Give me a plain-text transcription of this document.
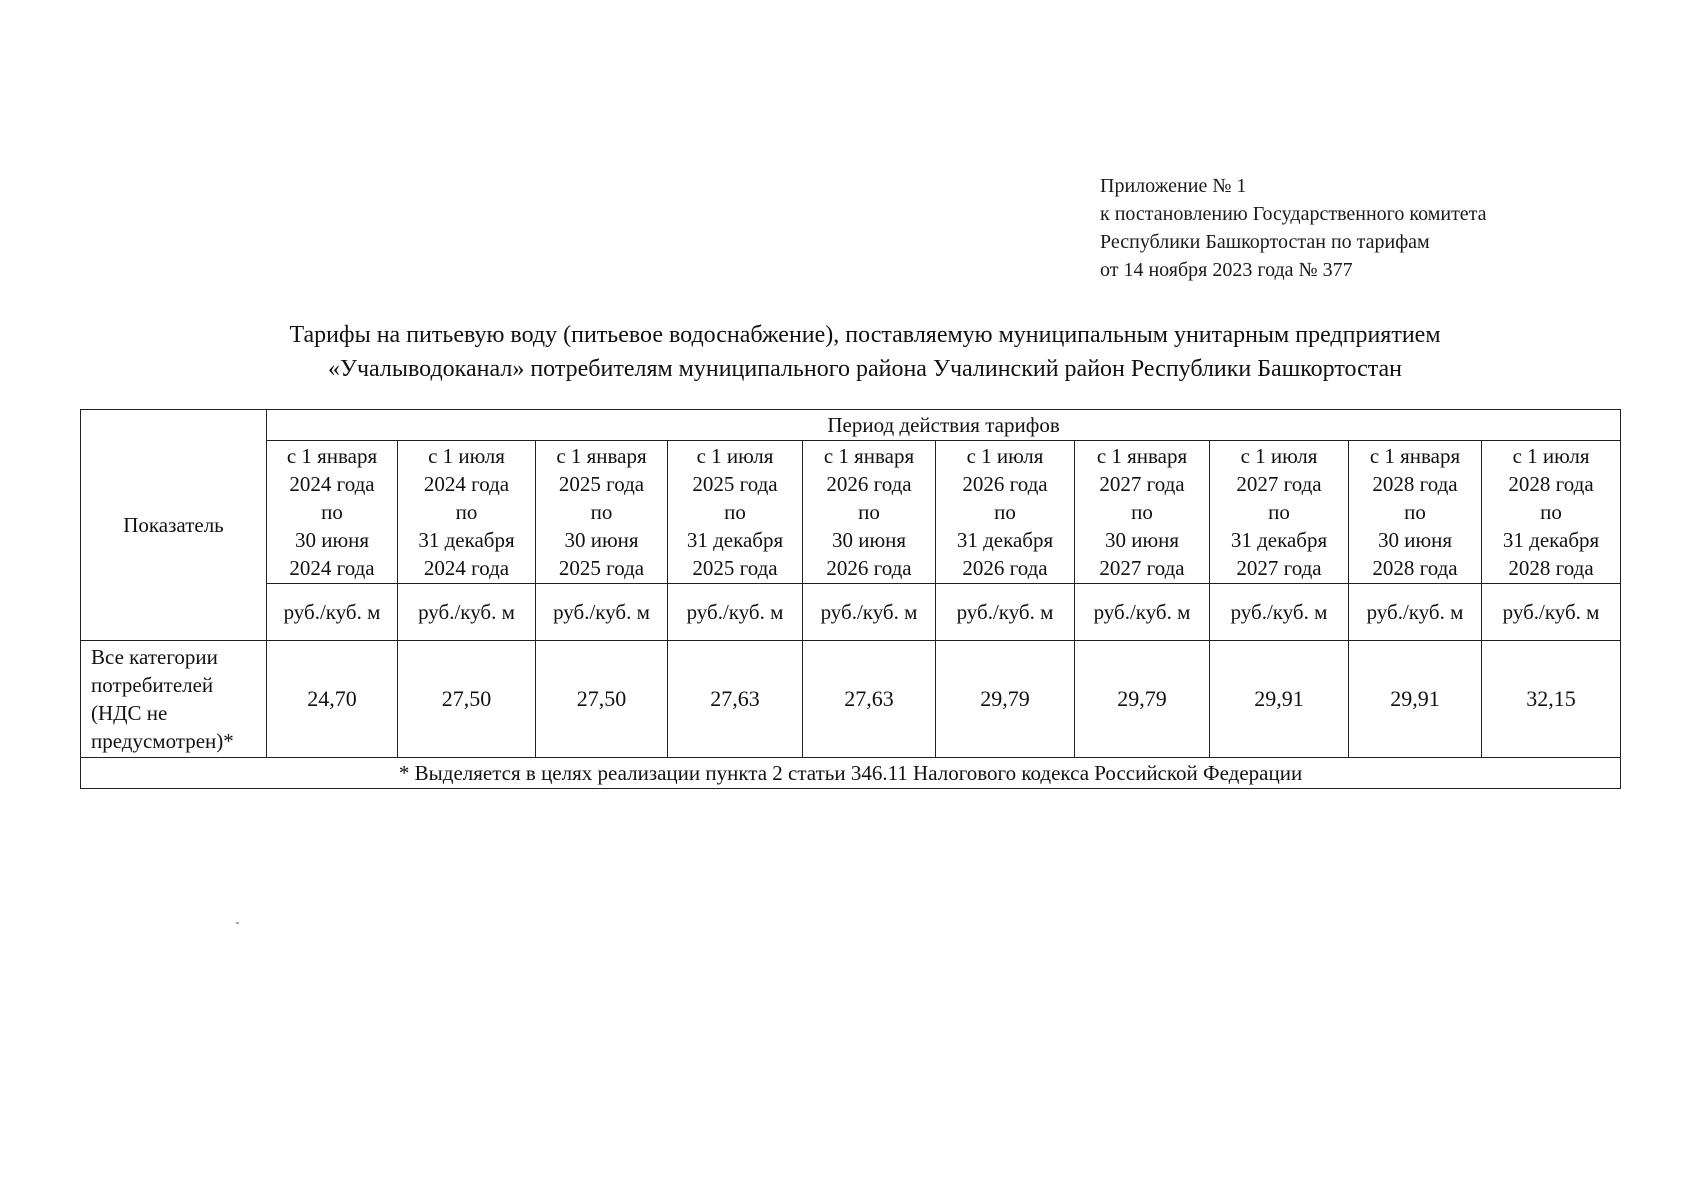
Приложение № 1
к постановлению Государственного комитета
Республики Башкортостан по тарифам
от 14 ноября 2023 года № 377
Тарифы на питьевую воду (питьевое водоснабжение), поставляемую муниципальным унитарным предприятием
«Учалыводоканал» потребителям муниципального района Учалинский район Республики Башкортостан
Показатель	Период действия тарифов									

	с 1 января
2024 года
по
30 июня
2024 года	с 1 июля
2024 года
по
31 декабря
2024 года	с 1 января
2025 года
по
30 июня
2025 года	с 1 июля
2025 года
по
31 декабря
2025 года	с 1 января
2026 года
по
30 июня
2026 года	с 1 июля
2026 года
по
31 декабря
2026 года	с 1 января
2027 года
по
30 июня
2027 года	с 1 июля
2027 года
по
31 декабря
2027 года	с 1 января
2028 года
по
30 июня
2028 года	с 1 июля
2028 года
по
31 декабря
2028 года

	руб./куб. м	руб./куб. м	руб./куб. м	руб./куб. м	руб./куб. м	руб./куб. м	руб./куб. м	руб./куб. м	руб./куб. м	руб./куб. м

Все категории
потребителей
(НДС не
предусмотрен)*	24,70	27,50	27,50	27,63	27,63	29,79	29,79	29,91	29,91	32,15
* Выделяется в целях реализации пункта 2 статьи 346.11 Налогового кодекса Российской Федерации										
